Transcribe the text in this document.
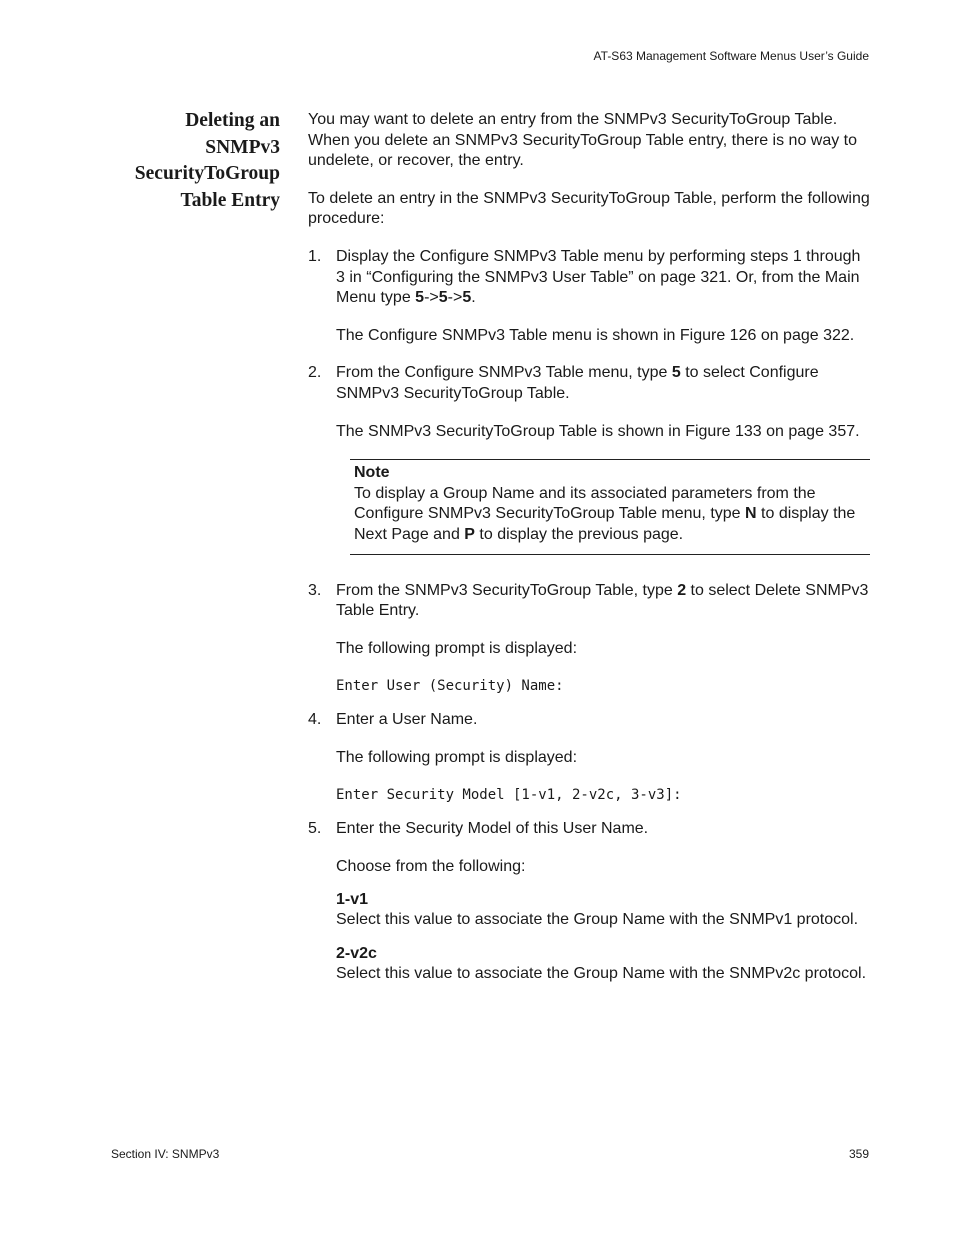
AT-S63 Management Software Menus User’s Guide
Deleting an
SNMPv3
SecurityToGroup
Table Entry

You may want to delete an entry from the SNMPv3 SecurityToGroup Table. When you delete an SNMPv3 SecurityToGroup Table entry, there is no way to undelete, or recover, the entry.

To delete an entry in the SNMPv3 SecurityToGroup Table, perform the following procedure:

1. Display the Configure SNMPv3 Table menu by performing steps 1 through 3 in “Configuring the SNMPv3 User Table” on page 321. Or, from the Main Menu type 5->5->5.

The Configure SNMPv3 Table menu is shown in Figure 126 on page 322.

2. From the Configure SNMPv3 Table menu, type 5 to select Configure SNMPv3 SecurityToGroup Table.

The SNMPv3 SecurityToGroup Table is shown in Figure 133 on page 357.

Note
To display a Group Name and its associated parameters from the Configure SNMPv3 SecurityToGroup Table menu, type N to display the Next Page and P to display the previous page.
3. From the SNMPv3 SecurityToGroup Table, type 2 to select Delete SNMPv3 Table Entry.

The following prompt is displayed:

Enter User (Security) Name:
4. Enter a User Name.

The following prompt is displayed:

Enter Security Model [1-v1, 2-v2c, 3-v3]:
5. Enter the Security Model of this User Name.

Choose from the following:

1-v1
Select this value to associate the Group Name with the SNMPv1 protocol.
2-v2c
Select this value to associate the Group Name with the SNMPv2c protocol.
Section IV: SNMPv3	359
